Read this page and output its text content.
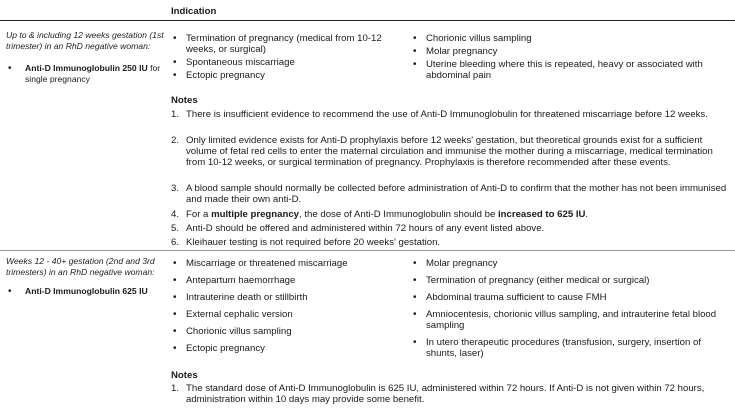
Indication
Up to & including 12 weeks gestation (1st trimester) in an RhD negative woman:
• Anti-D Immunoglobulin 250 IU for single pregnancy
• Termination of pregnancy (medical from 10-12 weeks, or surgical)
• Spontaneous miscarriage
• Ectopic pregnancy
• Chorionic villus sampling
• Molar pregnancy
• Uterine bleeding where this is repeated, heavy or associated with abdominal pain
Notes
1. There is insufficient evidence to recommend the use of Anti-D Immunoglobulin for threatened miscarriage before 12 weeks.
2. Only limited evidence exists for Anti-D prophylaxis before 12 weeks' gestation, but theoretical grounds exist for a sufficient volume of fetal red cells to enter the maternal circulation and immunise the mother during a miscarriage, medical termination from 10-12 weeks, or surgical termination of pregnancy. Prophylaxis is therefore recommended after these events.
3. A blood sample should normally be collected before administration of Anti-D to confirm that the mother has not been immunised and made their own anti-D.
4. For a multiple pregnancy, the dose of Anti-D Immunoglobulin should be increased to 625 IU.
5. Anti-D should be offered and administered within 72 hours of any event listed above.
6. Kleihauer testing is not required before 20 weeks' gestation.
Weeks 12 - 40+ gestation (2nd and 3rd trimesters) in an RhD negative woman:
• Anti-D Immunoglobulin 625 IU
• Miscarriage or threatened miscarriage
• Antepartum haemorrhage
• Intrauterine death or stillbirth
• External cephalic version
• Chorionic villus sampling
• Ectopic pregnancy
• Molar pregnancy
• Termination of pregnancy (either medical or surgical)
• Abdominal trauma sufficient to cause FMH
• Amniocentesis, chorionic villus sampling, and intrauterine fetal blood sampling
• In utero therapeutic procedures (transfusion, surgery, insertion of shunts, laser)
Notes
1. The standard dose of Anti-D Immunoglobulin is 625 IU, administered within 72 hours. If Anti-D is not given within 72 hours, administration within 10 days may provide some benefit.
